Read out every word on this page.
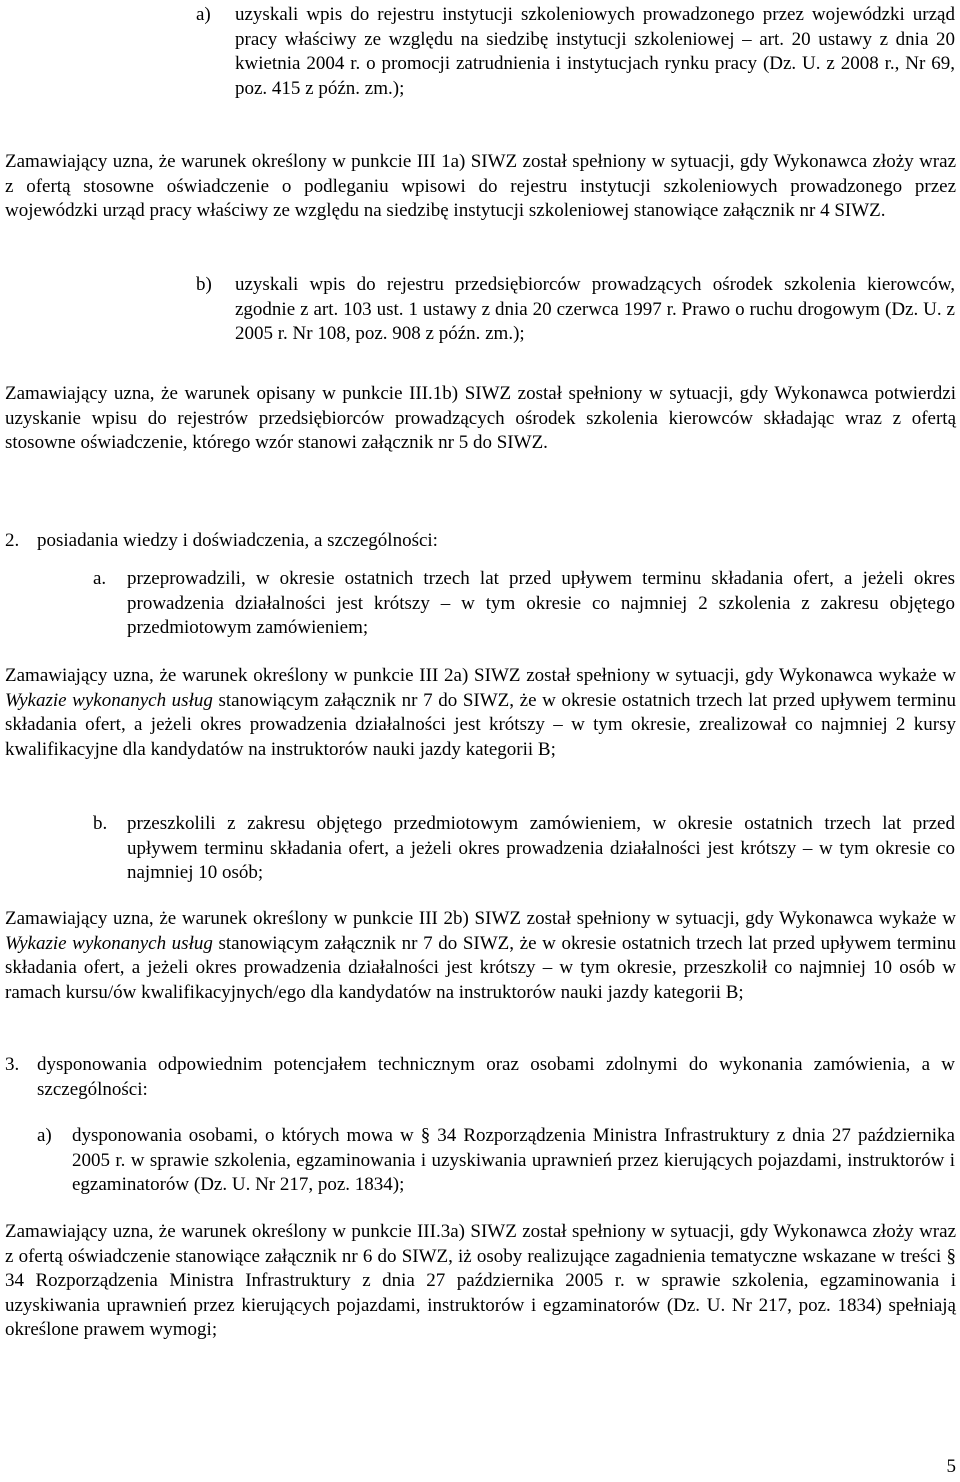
a) uzyskali wpis do rejestru instytucji szkoleniowych prowadzonego przez wojewódzki urząd pracy właściwy ze względu na siedzibę instytucji szkoleniowej – art. 20 ustawy z dnia 20 kwietnia 2004 r. o promocji zatrudnienia i instytucjach rynku pracy (Dz. U. z 2008 r., Nr 69, poz. 415 z późn. zm.);

Zamawiający uzna, że warunek określony w punkcie III 1a) SIWZ został spełniony w sytuacji, gdy Wykonawca złoży wraz z ofertą stosowne oświadczenie o podleganiu wpisowi do rejestru instytucji szkoleniowych prowadzonego przez wojewódzki urząd pracy właściwy ze względu na siedzibę instytucji szkoleniowej stanowiące załącznik nr 4 SIWZ.

b) uzyskali wpis do rejestru przedsiębiorców prowadzących ośrodek szkolenia kierowców, zgodnie z art. 103 ust. 1 ustawy z dnia 20 czerwca 1997 r. Prawo o ruchu drogowym (Dz. U. z 2005 r. Nr 108, poz. 908 z późn. zm.);

Zamawiający uzna, że warunek opisany w punkcie III.1b) SIWZ został spełniony w sytuacji, gdy Wykonawca potwierdzi uzyskanie wpisu do rejestrów przedsiębiorców prowadzących ośrodek szkolenia kierowców składając wraz z ofertą stosowne oświadczenie, którego wzór stanowi załącznik nr 5 do SIWZ.

2. posiadania wiedzy i doświadczenia, a szczególności:

a. przeprowadzili, w okresie ostatnich trzech lat przed upływem terminu składania ofert, a jeżeli okres prowadzenia działalności jest krótszy – w tym okresie co najmniej 2 szkolenia z zakresu objętego przedmiotowym zamówieniem;

Zamawiający uzna, że warunek określony w punkcie III 2a) SIWZ został spełniony w sytuacji, gdy Wykonawca wykaże w Wykazie wykonanych usług stanowiącym załącznik nr 7 do SIWZ, że w okresie ostatnich trzech lat przed upływem terminu składania ofert, a jeżeli okres prowadzenia działalności jest krótszy – w tym okresie, zrealizował co najmniej 2 kursy kwalifikacyjne dla kandydatów na instruktorów nauki jazdy kategorii B;

b. przeszkolili z zakresu objętego przedmiotowym zamówieniem, w okresie ostatnich trzech lat przed upływem terminu składania ofert, a jeżeli okres prowadzenia działalności jest krótszy – w tym okresie co najmniej 10 osób;

Zamawiający uzna, że warunek określony w punkcie III 2b) SIWZ został spełniony w sytuacji, gdy Wykonawca wykaże w Wykazie wykonanych usług stanowiącym załącznik nr 7 do SIWZ, że w okresie ostatnich trzech lat przed upływem terminu składania ofert, a jeżeli okres prowadzenia działalności jest krótszy – w tym okresie, przeszkolił co najmniej 10 osób w ramach kursu/ów kwalifikacyjnych/ego dla kandydatów na instruktorów nauki jazdy kategorii B;

3. dysponowania odpowiednim potencjałem technicznym oraz osobami zdolnymi do wykonania zamówienia, a w szczególności:

a) dysponowania osobami, o których mowa w § 34 Rozporządzenia Ministra Infrastruktury z dnia 27 października 2005 r. w sprawie szkolenia, egzaminowania i uzyskiwania uprawnień przez kierujących pojazdami, instruktorów i egzaminatorów (Dz. U. Nr 217, poz. 1834);

Zamawiający uzna, że warunek określony w punkcie III.3a) SIWZ został spełniony w sytuacji, gdy Wykonawca złoży wraz z ofertą oświadczenie stanowiące załącznik nr 6 do SIWZ, iż osoby realizujące zagadnienia tematyczne wskazane w treści § 34 Rozporządzenia Ministra Infrastruktury z dnia 27 października 2005 r. w sprawie szkolenia, egzaminowania i uzyskiwania uprawnień przez kierujących pojazdami, instruktorów i egzaminatorów (Dz. U. Nr 217, poz. 1834) spełniają określone prawem wymogi;

5
